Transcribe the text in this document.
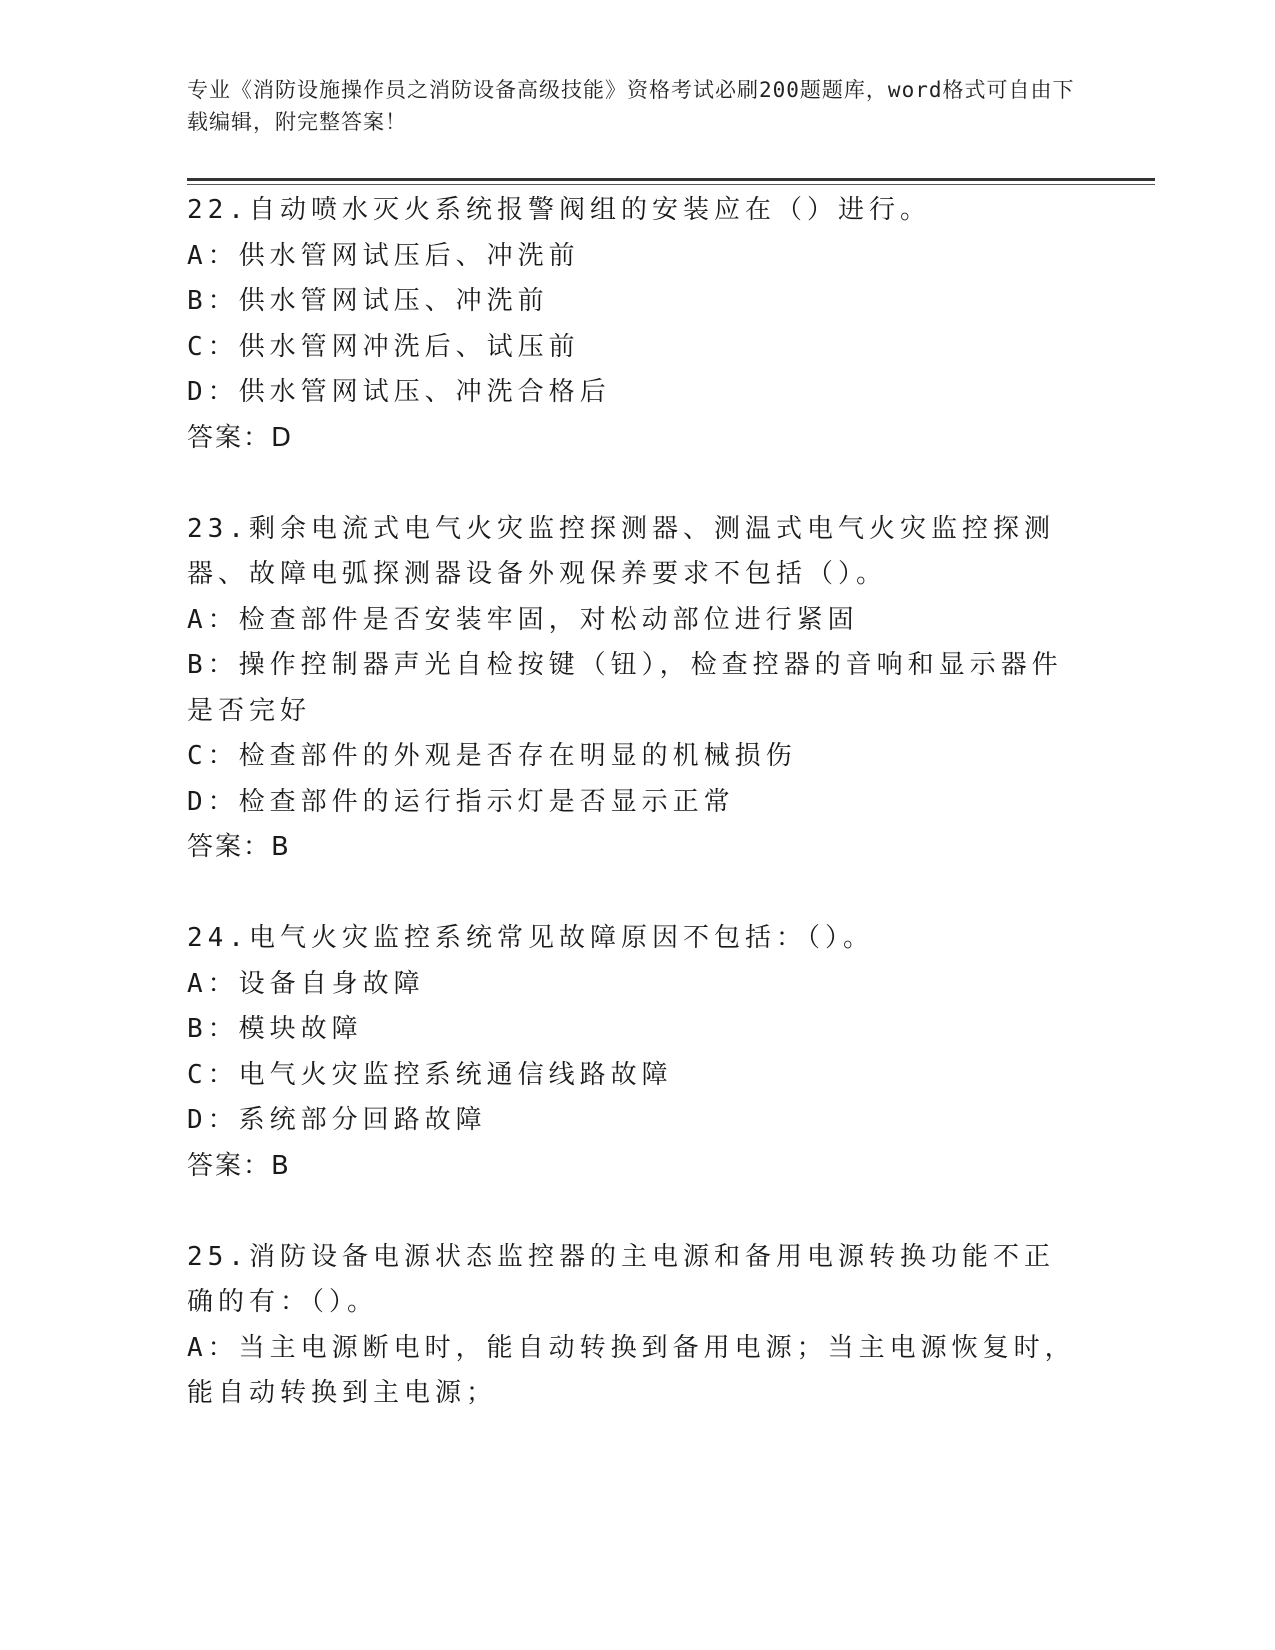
专业《消防设施操作员之消防设备高级技能》资格考试必刷200题题库，word格式可自由下载编辑，附完整答案！

22.自动喷水灭火系统报警阀组的安装应在（）进行。

A：供水管网试压后、冲洗前

B：供水管网试压、冲洗前

C：供水管网冲洗后、试压前

D：供水管网试压、冲洗合格后

答案：D

23.剩余电流式电气火灾监控探测器、测温式电气火灾监控探测器、故障电弧探测器设备外观保养要求不包括（）。

A：检查部件是否安装牢固，对松动部位进行紧固

B：操作控制器声光自检按键（钮），检查控器的音响和显示器件是否完好

C：检查部件的外观是否存在明显的机械损伤

D：检查部件的运行指示灯是否显示正常

答案：B

24.电气火灾监控系统常见故障原因不包括：（）。

A：设备自身故障

B：模块故障

C：电气火灾监控系统通信线路故障

D：系统部分回路故障

答案：B

25.消防设备电源状态监控器的主电源和备用电源转换功能不正确的有：（）。

A：当主电源断电时，能自动转换到备用电源；当主电源恢复时，能自动转换到主电源；
